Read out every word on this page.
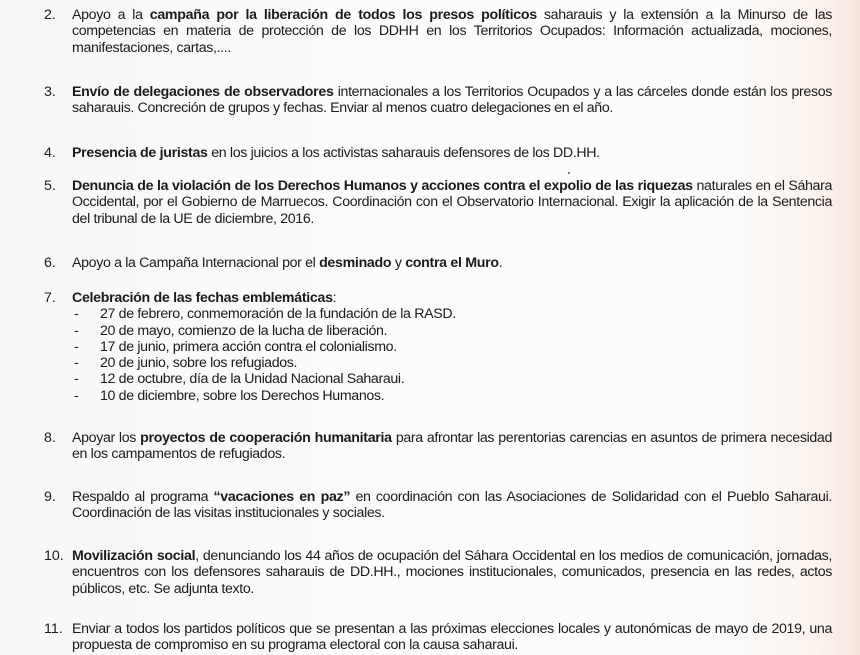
2.	Apoyo a la campaña por la liberación de todos los presos políticos saharauis y la extensión a la Minurso de las competencias en materia de protección de los DDHH en los Territorios Ocupados: Información actualizada, mociones, manifestaciones, cartas,....
3.	Envío de delegaciones de observadores internacionales a los Territorios Ocupados y a las cárceles donde están los presos saharauis. Concreción de grupos y fechas. Enviar al menos cuatro delegaciones en el año.
4.	Presencia de juristas en los juicios a los activistas saharauis defensores de los DD.HH.
5.	Denuncia de la violación de los Derechos Humanos y acciones contra el expolio de las riquezas naturales en el Sáhara Occidental, por el Gobierno de Marruecos. Coordinación con el Observatorio Internacional. Exigir la aplicación de la Sentencia del tribunal de la UE de diciembre, 2016.
6.	Apoyo a la Campaña Internacional por el desminado y contra el Muro.
7.	Celebración de las fechas emblemáticas:
- 27 de febrero, conmemoración de la fundación de la RASD.
- 20 de mayo, comienzo de la lucha de liberación.
- 17 de junio, primera acción contra el colonialismo.
- 20 de junio, sobre los refugiados.
- 12 de octubre, día de la Unidad Nacional Saharaui.
- 10 de diciembre, sobre los Derechos Humanos.
8.	Apoyar los proyectos de cooperación humanitaria para afrontar las perentorias carencias en asuntos de primera necesidad en los campamentos de refugiados.
9.	Respaldo al programa “vacaciones en paz” en coordinación con las Asociaciones de Solidaridad con el Pueblo Saharaui. Coordinación de las visitas institucionales y sociales.
10. Movilización social, denunciando los 44 años de ocupación del Sáhara Occidental en los medios de comunicación, jornadas, encuentros con los defensores saharauis de DD.HH., mociones institucionales, comunicados, presencia en las redes, actos públicos, etc. Se adjunta texto.
11. Enviar a todos los partidos políticos que se presentan a las próximas elecciones locales y autonómicas de mayo de 2019, una propuesta de compromiso en su programa electoral con la causa saharaui.
